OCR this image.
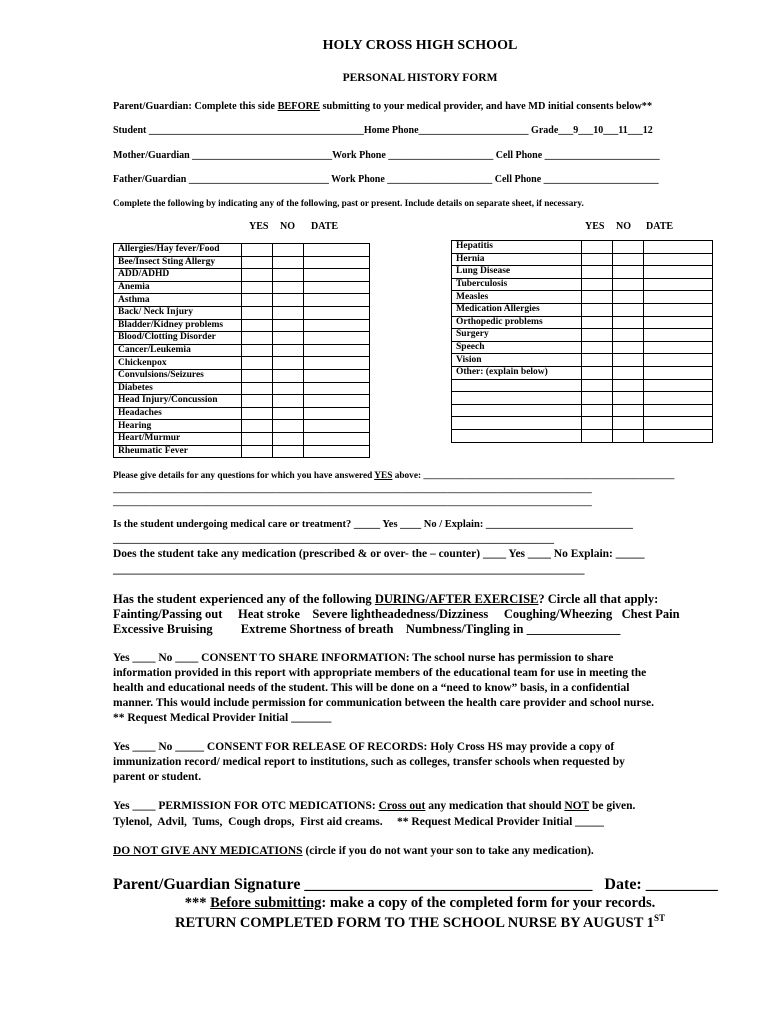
HOLY CROSS HIGH SCHOOL
PERSONAL HISTORY FORM
Parent/Guardian: Complete this side BEFORE submitting to your medical provider, and have MD initial consents below**
Student ___________________________________________Home Phone______________________ Grade___9___10___11___12
Mother/Guardian ____________________________Work Phone _____________________ Cell Phone _______________________
Father/Guardian ____________________________ Work Phone _____________________ Cell Phone _______________________
Complete the following by indicating any of the following, past or present. Include details on separate sheet, if necessary.
YES NO DATE	YES NO DATE
Allergies/Hay fever/Food			
Bee/Insect Sting Allergy			
ADD/ADHD			
Anemia			
Asthma			
Back/ Neck Injury			
Bladder/Kidney problems			
Blood/Clotting Disorder			
Cancer/Leukemia			
Chickenpox			
Convulsions/Seizures			
Diabetes			
Head Injury/Concussion			
Headaches			
Hearing			
Heart/Murmur			
Rheumatic Fever			
Hepatitis			
Hernia			
Lung Disease			
Tuberculosis			
Measles			
Medication Allergies			
Orthopedic problems			
Surgery			
Speech			
Vision			
Other: (explain below)			

Please give details for any questions for which you have answered YES above: ______________________________________________________
_______________________________________________________________________________________________________
_______________________________________________________________________________________________________
Is the student undergoing medical care or treatment? _____ Yes ____ No / Explain: ____________________________
____________________________________________________________________________________
Does the student take any medication (prescribed & or over- the – counter) ____ Yes ____ No Explain: _____
__________________________________________________________________________________
Has the student experienced any of the following DURING/AFTER EXERCISE? Circle all that apply:
Fainting/Passing out     Heat stroke    Severe lightheadedness/Dizziness     Coughing/Wheezing   Chest Pain
Excessive Bruising         Extreme Shortness of breath    Numbness/Tingling in _______________
Yes ____ No ____ CONSENT TO SHARE INFORMATION: The school nurse has permission to share
information provided in this report with appropriate members of the educational team for use in meeting the
health and educational needs of the student. This will be done on a “need to know” basis, in a confidential
manner. This would include permission for communication between the health care provider and school nurse.
** Request Medical Provider Initial _______
Yes ____ No _____ CONSENT FOR RELEASE OF RECORDS: Holy Cross HS may provide a copy of
immunization record/ medical report to institutions, such as colleges, transfer schools when requested by
parent or student.
Yes ____ PERMISSION FOR OTC MEDICATIONS: Cross out any medication that should NOT be given.
Tylenol,  Advil,  Tums,  Cough drops,  First aid creams.     ** Request Medical Provider Initial _____
DO NOT GIVE ANY MEDICATIONS (circle if you do not want your son to take any medication).
Parent/Guardian Signature ____________________________________   Date: _________
*** Before submitting: make a copy of the completed form for your records.
RETURN COMPLETED FORM TO THE SCHOOL NURSE BY AUGUST 1ST
